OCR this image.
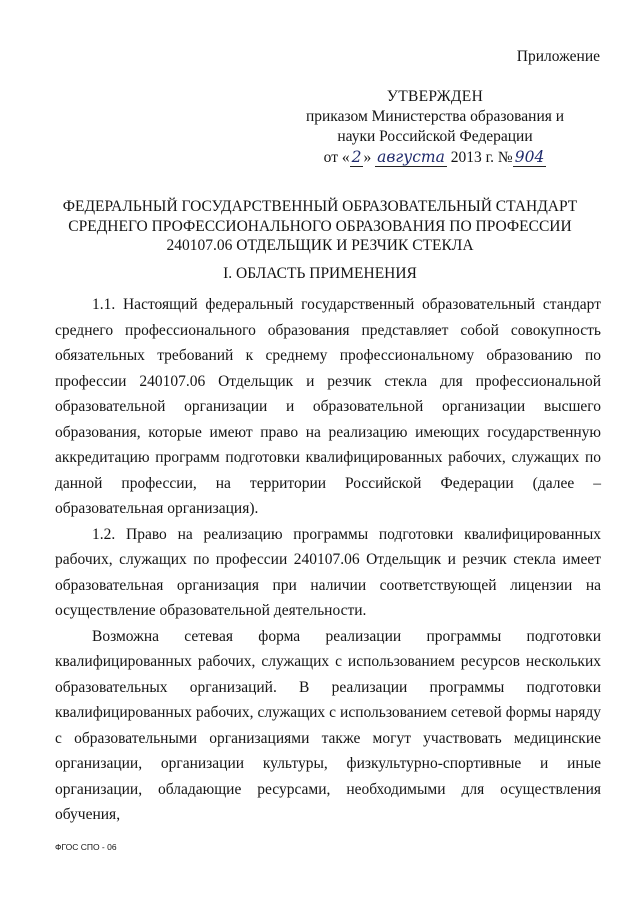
Приложение
УТВЕРЖДЕН
приказом Министерства образования и
науки Российской Федерации
от « 2 » августа 2013 г. № 904
ФЕДЕРАЛЬНЫЙ ГОСУДАРСТВЕННЫЙ ОБРАЗОВАТЕЛЬНЫЙ СТАНДАРТ
СРЕДНЕГО ПРОФЕССИОНАЛЬНОГО ОБРАЗОВАНИЯ ПО ПРОФЕССИИ
240107.06 ОТДЕЛЬЩИК И РЕЗЧИК СТЕКЛА
I. ОБЛАСТЬ ПРИМЕНЕНИЯ

1.1. Настоящий федеральный государственный образовательный стандарт среднего профессионального образования представляет собой совокупность обязательных требований к среднему профессиональному образованию по профессии 240107.06 Отдельщик и резчик стекла для профессиональной образовательной организации и образовательной организации высшего образования, которые имеют право на реализацию имеющих государственную аккредитацию программ подготовки квалифицированных рабочих, служащих по данной профессии, на территории Российской Федерации (далее – образовательная организация).

1.2. Право на реализацию программы подготовки квалифицированных рабочих, служащих по профессии 240107.06 Отдельщик и резчик стекла имеет образовательная организация при наличии соответствующей лицензии на осуществление образовательной деятельности.

Возможна сетевая форма реализации программы подготовки квалифицированных рабочих, служащих с использованием ресурсов нескольких образовательных организаций. В реализации программы подготовки квалифицированных рабочих, служащих с использованием сетевой формы наряду с образовательными организациями также могут участвовать медицинские организации, организации культуры, физкультурно-спортивные и иные организации, обладающие ресурсами, необходимыми для осуществления обучения,

ФГОС СПО - 06
